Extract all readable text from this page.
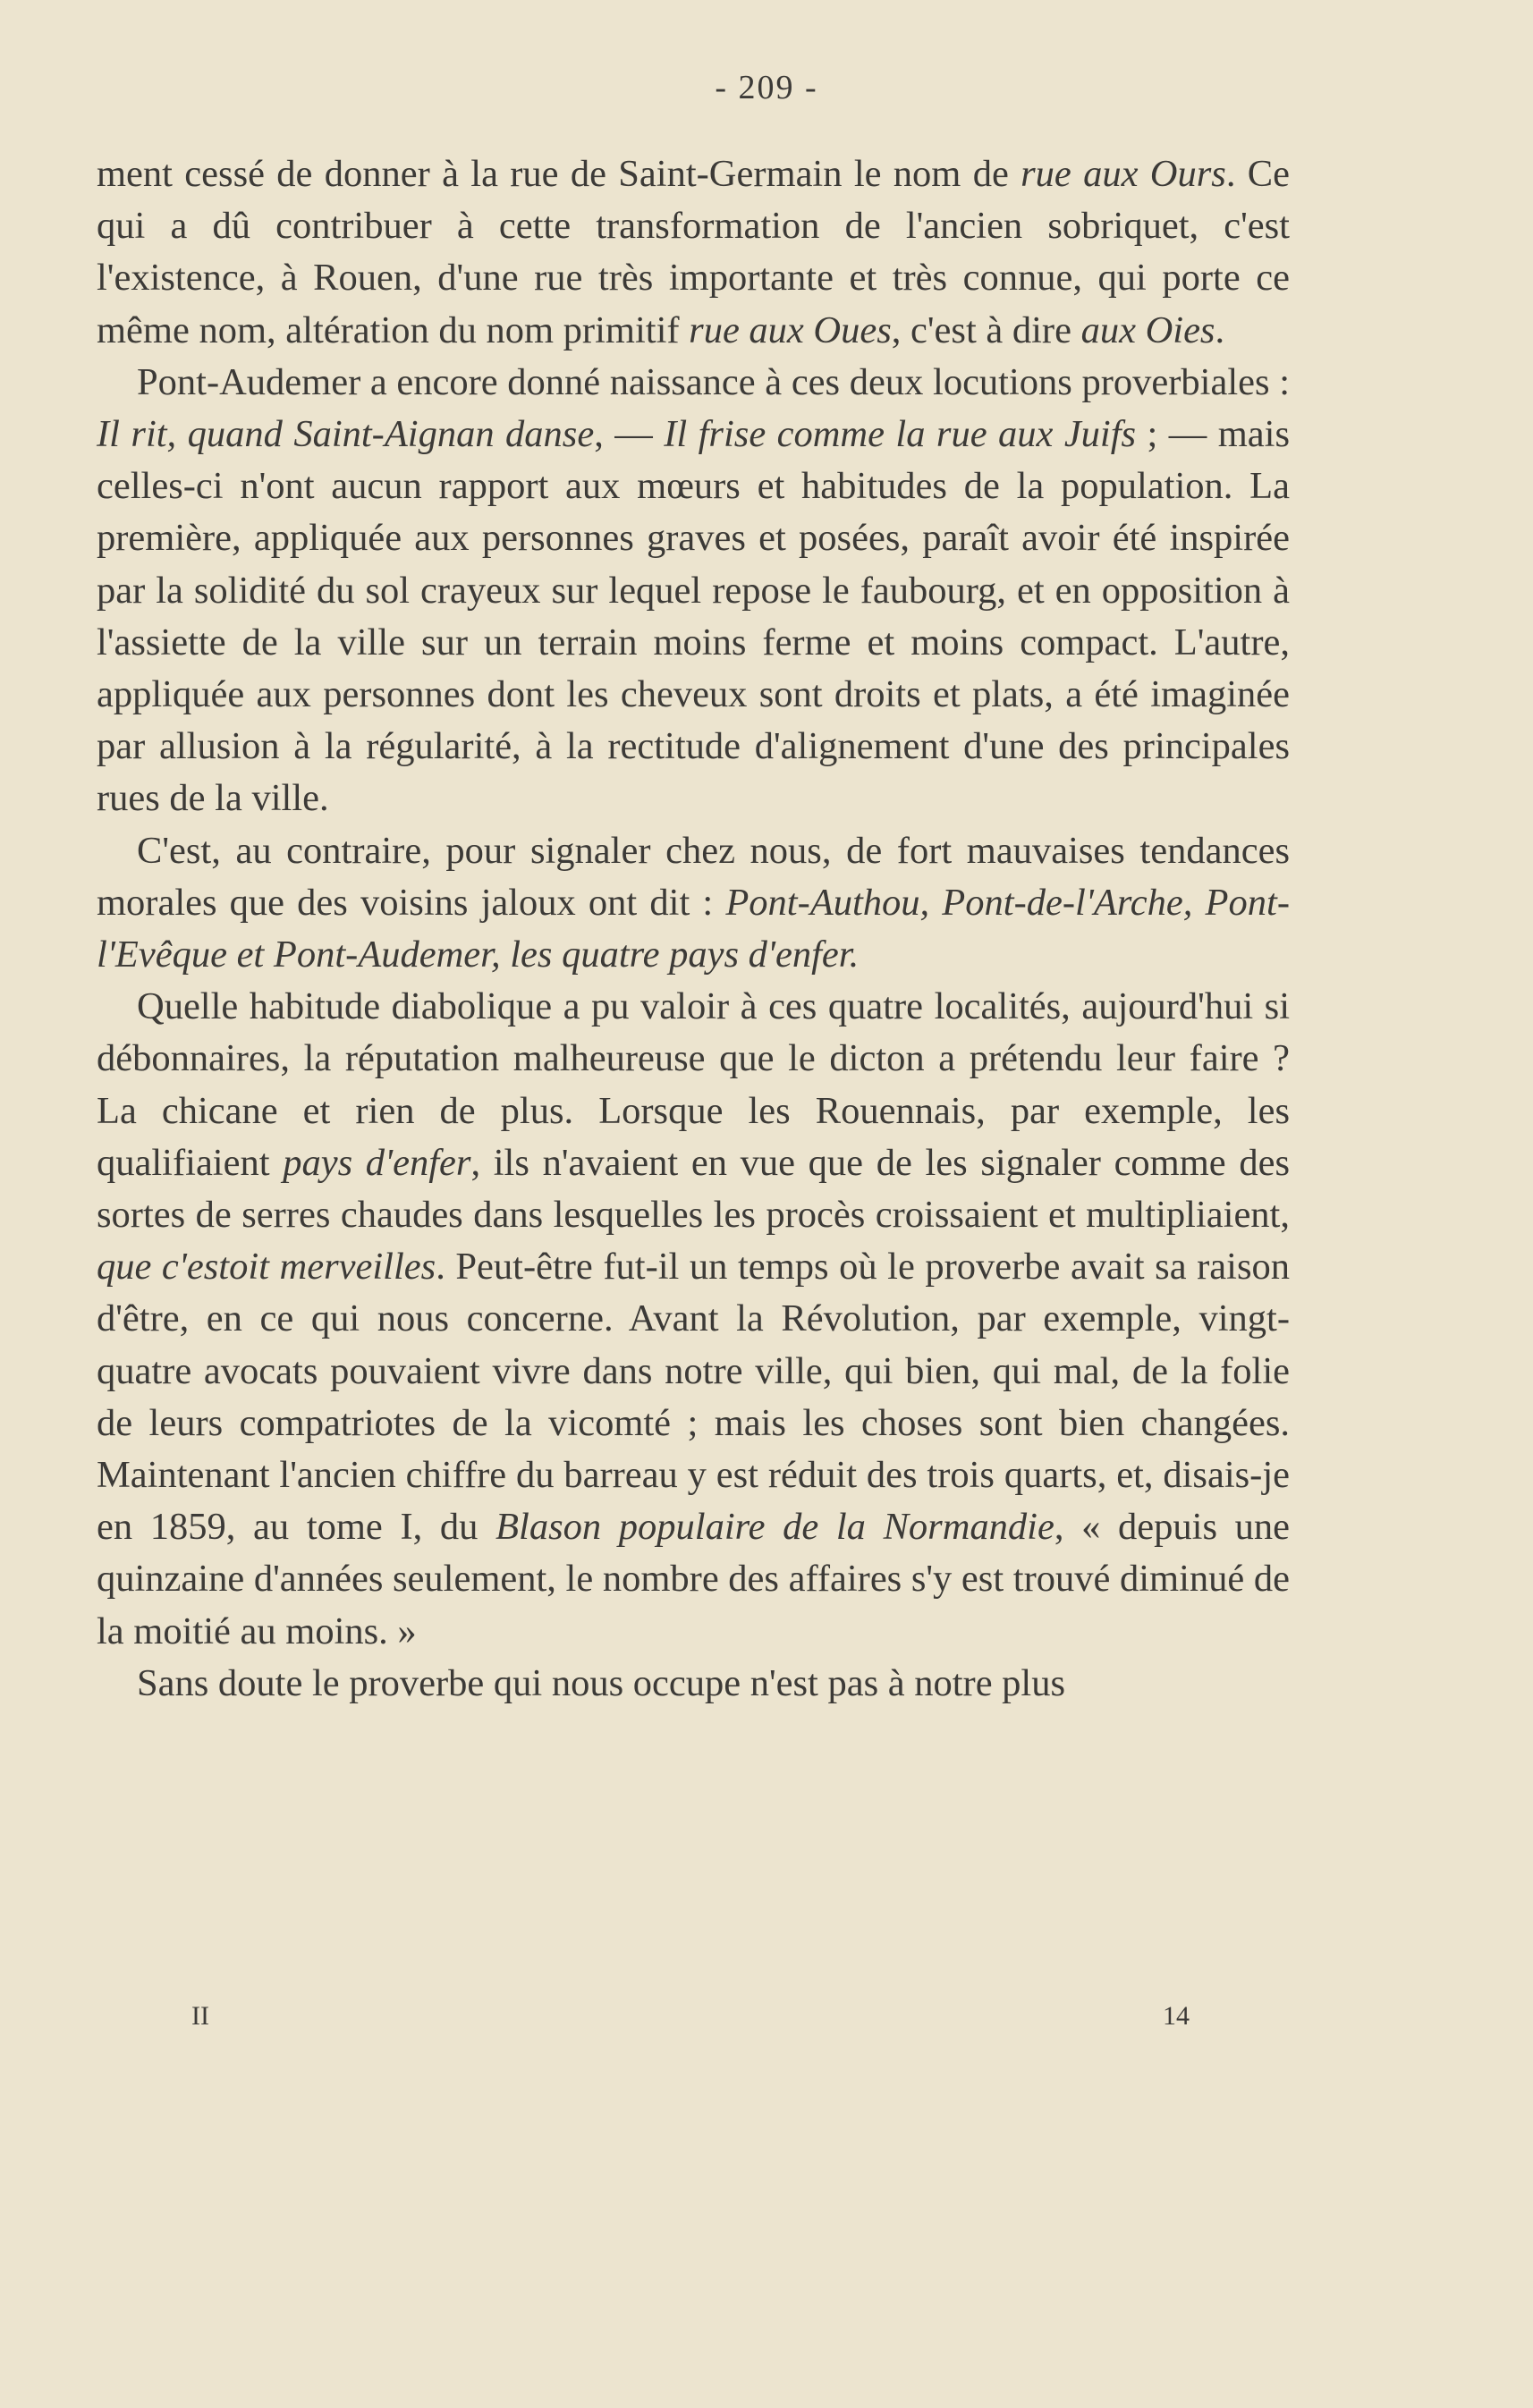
- 209 -

ment cessé de donner à la rue de Saint-Germain le nom de rue aux Ours. Ce qui a dû contribuer à cette transformation de l'ancien sobriquet, c'est l'existence, à Rouen, d'une rue très importante et très connue, qui porte ce même nom, altération du nom primitif rue aux Oues, c'est à dire aux Oies.

Pont-Audemer a encore donné naissance à ces deux locutions proverbiales : Il rit, quand Saint-Aignan danse, — Il frise comme la rue aux Juifs ; — mais celles-ci n'ont aucun rapport aux mœurs et habitudes de la population. La première, appliquée aux personnes graves et posées, paraît avoir été inspirée par la solidité du sol crayeux sur lequel repose le faubourg, et en opposition à l'assiette de la ville sur un terrain moins ferme et moins compact. L'autre, appliquée aux personnes dont les cheveux sont droits et plats, a été imaginée par allusion à la régularité, à la rectitude d'alignement d'une des principales rues de la ville.

C'est, au contraire, pour signaler chez nous, de fort mauvaises tendances morales que des voisins jaloux ont dit : Pont-Authou, Pont-de-l'Arche, Pont-l'Evêque et Pont-Audemer, les quatre pays d'enfer.

Quelle habitude diabolique a pu valoir à ces quatre localités, aujourd'hui si débonnaires, la réputation malheureuse que le dicton a prétendu leur faire ? La chicane et rien de plus. Lorsque les Rouennais, par exemple, les qualifiaient pays d'enfer, ils n'avaient en vue que de les signaler comme des sortes de serres chaudes dans lesquelles les procès croissaient et multipliaient, que c'estoit merveilles. Peut-être fut-il un temps où le proverbe avait sa raison d'être, en ce qui nous concerne. Avant la Révolution, par exemple, vingt-quatre avocats pouvaient vivre dans notre ville, qui bien, qui mal, de la folie de leurs compatriotes de la vicomté ; mais les choses sont bien changées. Maintenant l'ancien chiffre du barreau y est réduit des trois quarts, et, disais-je en 1859, au tome I, du Blason populaire de la Normandie, « depuis une quinzaine d'années seulement, le nombre des affaires s'y est trouvé diminué de la moitié au moins. »

Sans doute le proverbe qui nous occupe n'est pas à notre plus

II	14
